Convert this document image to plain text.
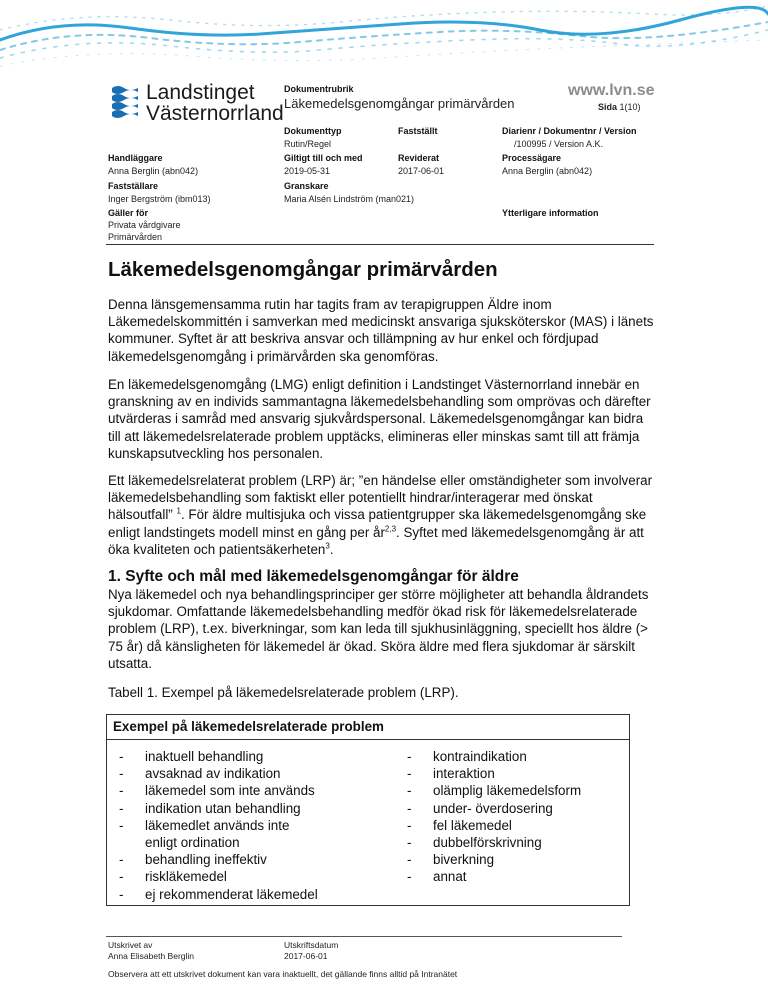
Landstinget
Västernorrland
Dokumentrubrik
Läkemedelsgenomgångar primärvården
www.lvn.se
Sida 1(10)
Dokumenttyp
Rutin/Regel
Fastställt	Diarienr / Dokumentnr / Version
/100995 / Version A.K.
Handläggare
Anna Berglin (abn042)
Giltigt till och med
2019-05-31
Reviderat
2017-06-01
Processägare
Anna Berglin (abn042)
Fastställare
Inger Bergström (ibm013)
Granskare
Maria Alsén Lindström (man021)
Gäller för
Privata vårdgivare
Primärvården
Ytterligare information
Läkemedelsgenomgångar primärvården

Denna länsgemensamma rutin har tagits fram av terapigruppen Äldre inom Läkemedelskommittén i samverkan med medicinskt ansvariga sjuksköterskor (MAS) i länets kommuner. Syftet är att beskriva ansvar och tillämpning av hur enkel och fördjupad läkemedelsgenomgång i primärvården ska genomföras.

En läkemedelsgenomgång (LMG) enligt definition i Landstinget Västernorrland innebär en granskning av en individs sammantagna läkemedelsbehandling som omprövas och därefter utvärderas i samråd med ansvarig sjukvårdspersonal. Läkemedelsgenomgångar kan bidra till att läkemedelsrelaterade problem upptäcks, elimineras eller minskas samt till att främja kunskapsutveckling hos personalen.

Ett läkemedelsrelaterat problem (LRP) är; ”en händelse eller omständigheter som involverar läkemedelsbehandling som faktiskt eller potentiellt hindrar/interagerar med önskat hälsoutfall” $^1$. För äldre multisjuka och vissa patientgrupper ska läkemedelsgenomgång ske enligt landstingets modell minst en gång per år$^{2,3}$. Syftet med läkemedelsgenomgång är att öka kvaliteten och patientsäkerheten$^3$.

1. Syfte och mål med läkemedelsgenomgångar för äldre

Nya läkemedel och nya behandlingsprinciper ger större möjligheter att behandla åldrandets sjukdomar. Omfattande läkemedelsbehandling medför ökad risk för läkemedelsrelaterade problem (LRP), t.ex. biverkningar, som kan leda till sjukhusinläggning, speciellt hos äldre (> 75 år) då känsligheten för läkemedel är ökad. Sköra äldre med flera sjukdomar är särskilt utsatta.

Tabell 1. Exempel på läkemedelsrelaterade problem (LRP).
Exempel på läkemedelsrelaterade problem
- inaktuell behandling
- avsaknad av indikation
- läkemedel som inte används
- indikation utan behandling
- läkemedlet används inte enligt ordination
- behandling ineffektiv
- riskläkemedel
- ej rekommenderat läkemedel
- kontraindikation
- interaktion
- olämplig läkemedelsform
- under- överdosering
- fel läkemedel
- dubbelförskrivning
- biverkning
- annat
Utskrivet av
Anna Elisabeth Berglin
Utskriftsdatum
2017-06-01
Observera att ett utskrivet dokument kan vara inaktuellt, det gällande finns alltid på Intranätet
